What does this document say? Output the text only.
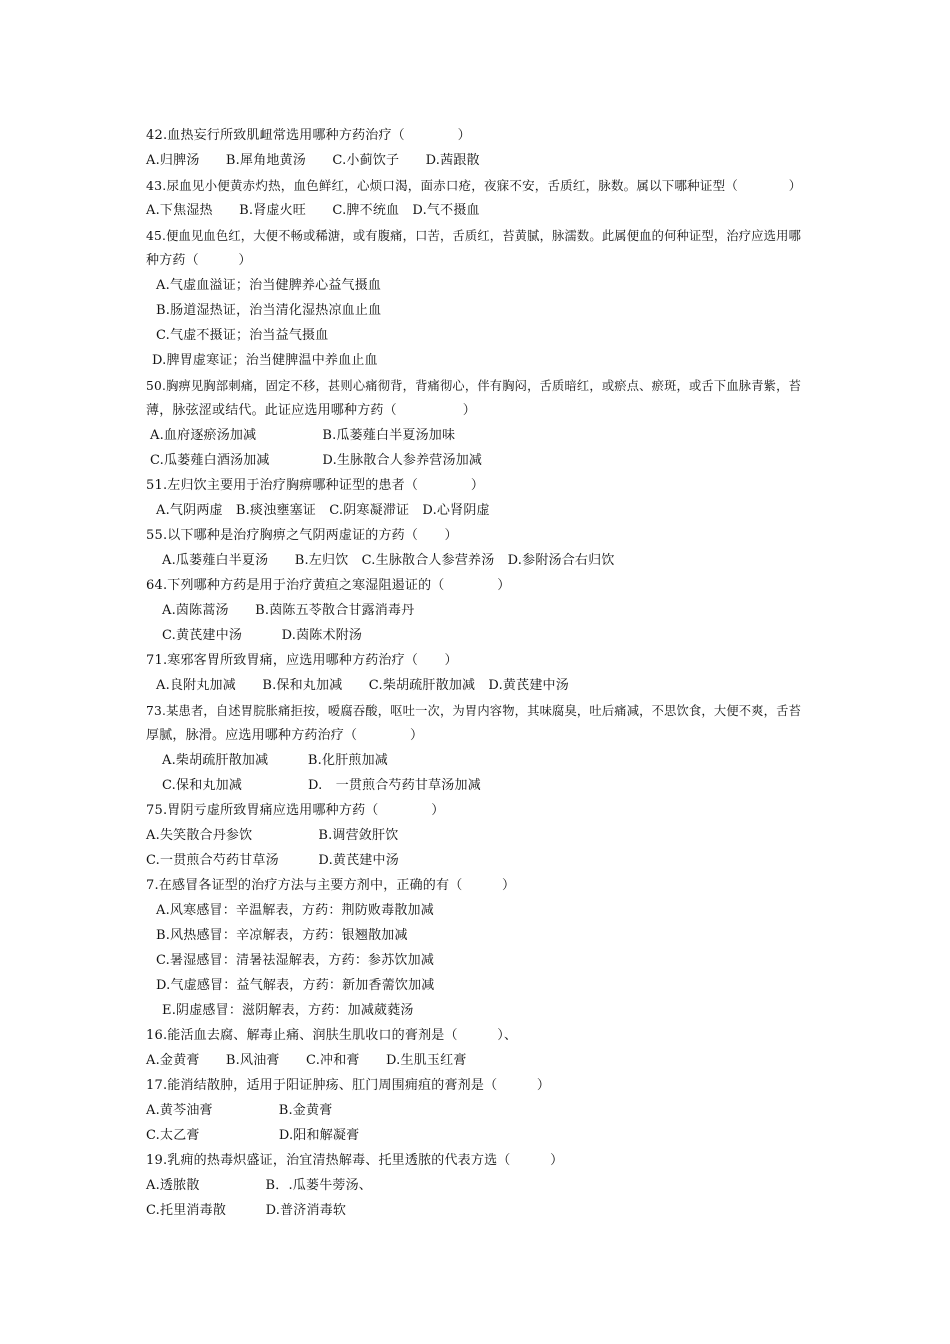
42.血热妄行所致肌衄常选用哪种方药治疗（　　　　）
A.归脾汤　　B.犀角地黄汤　　C.小蓟饮子　　D.茜跟散
43.尿血见小便黄赤灼热，血色鲜红，心烦口渴，面赤口疮，夜寐不安，舌质红，脉数。属以下哪种证型（　　　　）
A.下焦湿热　　B.肾虚火旺　　C.脾不统血　D.气不摄血
45.便血见血色红，大便不畅或稀溏，或有腹痛，口苦，舌质红，苔黄腻，脉濡数。此属便血的何种证型，治疗应选用哪
种方药（　　　）
A.气虚血溢证；治当健脾养心益气摄血
B.肠道湿热证，治当清化湿热凉血止血
C.气虚不摄证；治当益气摄血
D.脾胃虚寒证；治当健脾温中养血止血
50.胸痹见胸部刺痛，固定不移，甚则心痛彻背，背痛彻心，伴有胸闷，舌质暗红，或瘀点、瘀斑，或舌下血脉青紫，苔
薄，脉弦涩或结代。此证应选用哪种方药（　　　　　）
A.血府逐瘀汤加减　　　　　B.瓜蒌薤白半夏汤加味
C.瓜蒌薤白酒汤加减　　　　D.生脉散合人参养营汤加减
51.左归饮主要用于治疗胸痹哪种证型的患者（　　　　）
A.气阴两虚　B.痰浊壅塞证　C.阴寒凝滞证　D.心肾阴虚
55.以下哪种是治疗胸痹之气阴两虚证的方药（　　）
A.瓜蒌薤白半夏汤　　B.左归饮　C.生脉散合人参营养汤　D.参附汤合右归饮
64.下列哪种方药是用于治疗黄疸之寒湿阻遏证的（　　　　）
A.茵陈蒿汤　　B.茵陈五苓散合甘露消毒丹
C.黄芪建中汤　　　D.茵陈术附汤
71.寒邪客胃所致胃痛，应选用哪种方药治疗（　　）
A.良附丸加减　　B.保和丸加减　　C.柴胡疏肝散加减　D.黄芪建中汤
73.某患者，自述胃脘胀痛拒按，嗳腐吞酸，呕吐一次，为胃内容物，其味腐臭，吐后痛减，不思饮食，大便不爽，舌苔
厚腻，脉滑。应选用哪种方药治疗（　　　　）
A.柴胡疏肝散加减　　　B.化肝煎加减
C.保和丸加减　　　　　D.　一贯煎合芍药甘草汤加减
75.胃阴亏虚所致胃痛应选用哪种方药（　　　　）
A.失笑散合丹参饮　　　　　B.调营敛肝饮
C.一贯煎合芍药甘草汤　　　D.黄芪建中汤
7.在感冒各证型的治疗方法与主要方剂中，正确的有（　　　）
A.风寒感冒：辛温解表，方药：荆防败毒散加减
B.风热感冒：辛凉解表，方药：银翘散加减
C.暑湿感冒：清暑祛湿解表，方药：参苏饮加减
D.气虚感冒：益气解表，方药：新加香薷饮加减
E.阴虚感冒：滋阴解表，方药：加减葳蕤汤
16.能活血去腐、解毒止痛、润肤生肌收口的膏剂是（　　　）、
A.金黄膏　　B.风油膏　　C.冲和膏　　D.生肌玉红膏
17.能消结散肿，适用于阳证肿疡、肛门周围痈疽的膏剂是（　　　）
A.黄芩油膏　　　　　B.金黄膏
C.太乙膏　　　　　　D.阳和解凝膏
19.乳痈的热毒炽盛证，治宜清热解毒、托里透脓的代表方选（　　　）
A.透脓散　　　　　B．.瓜蒌牛蒡汤、
C.托里消毒散　　　D.普济消毒软
